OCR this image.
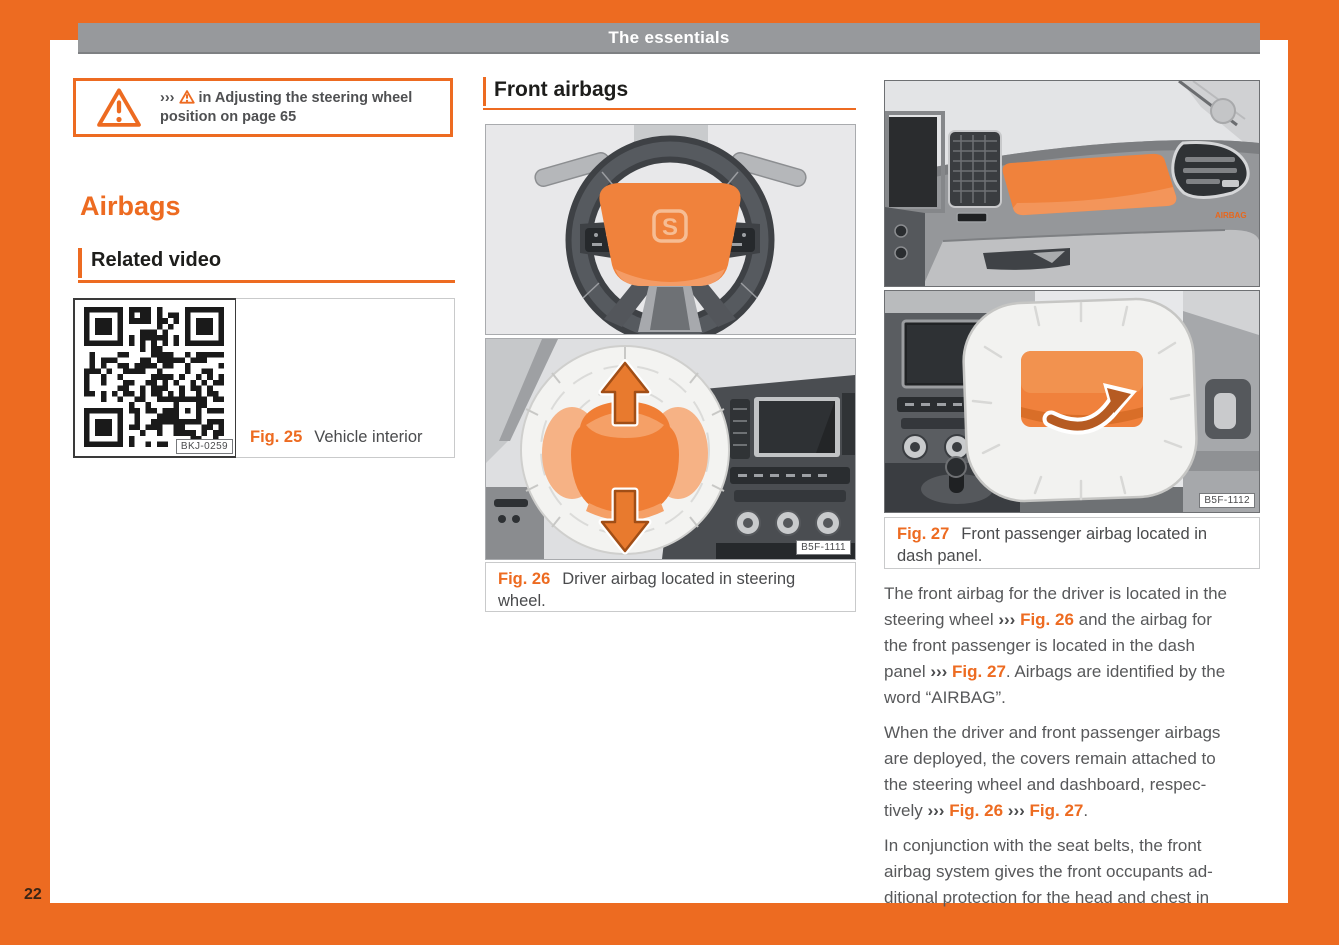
The essentials
22
››› in Adjusting the steering wheel
position on page 65
Airbags
Related video
BKJ-0259
Fig. 25 Vehicle interior
Front airbags
S
B5F-1111
Fig. 26 Driver airbag located in steering wheel.
AIRBAG
B5F-1112
Fig. 27 Front passenger airbag located in dash panel.
The front airbag for the driver is located in the
steering wheel ››› Fig. 26 and the airbag for
the front passenger is located in the dash
panel ››› Fig. 27. Airbags are identified by the
word “AIRBAG”.
When the driver and front passenger airbags
are deployed, the covers remain attached to
the steering wheel and dashboard, respec-
tively ››› Fig. 26 ››› Fig. 27.
In conjunction with the seat belts, the front
airbag system gives the front occupants ad-
ditional protection for the head and chest in
